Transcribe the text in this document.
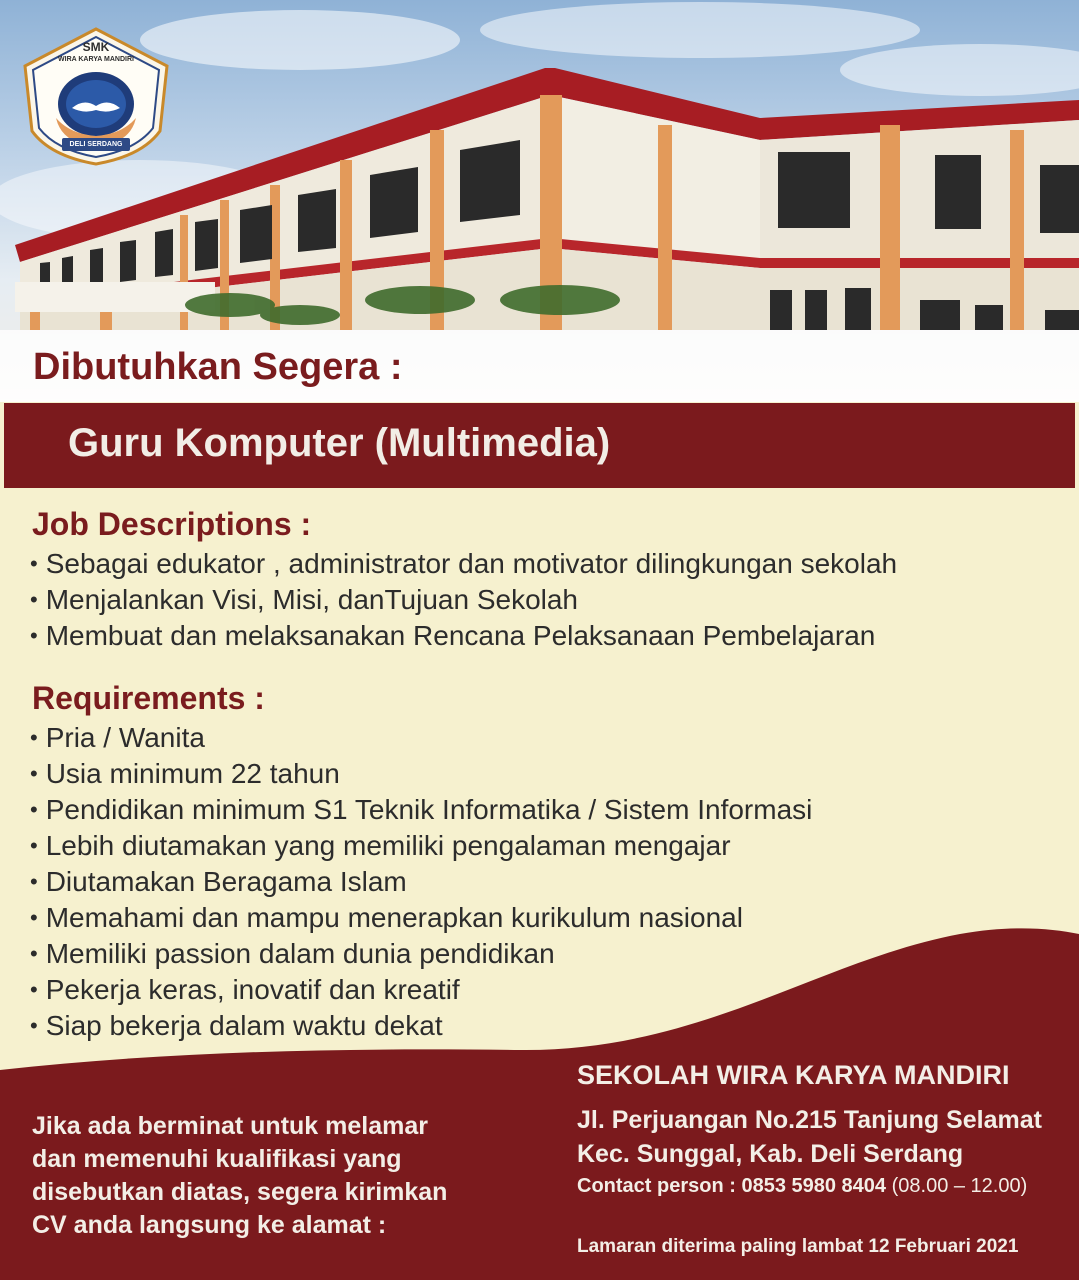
SMK
WIRA KARYA MANDIRI
DELI SERDANG
Dibutuhkan Segera :
Guru Komputer (Multimedia)
Job Descriptions :
• Sebagai edukator , administrator dan motivator dilingkungan sekolah
• Menjalankan Visi, Misi, danTujuan Sekolah
• Membuat dan melaksanakan Rencana Pelaksanaan Pembelajaran
Requirements :
• Pria / Wanita
• Usia minimum 22 tahun
• Pendidikan minimum S1 Teknik Informatika / Sistem Informasi
• Lebih diutamakan yang memiliki pengalaman mengajar
• Diutamakan Beragama Islam
• Memahami dan mampu menerapkan kurikulum nasional
• Memiliki passion dalam dunia pendidikan
• Pekerja keras, inovatif dan kreatif
• Siap bekerja dalam waktu dekat
Jika ada berminat untuk melamar dan memenuhi kualifikasi yang disebutkan diatas, segera kirimkan CV anda langsung ke alamat :
SEKOLAH WIRA KARYA MANDIRI
Jl. Perjuangan No.215 Tanjung Selamat
Kec. Sunggal, Kab. Deli Serdang
Contact person : 0853 5980 8404 (08.00 – 12.00)
Lamaran diterima paling lambat 12 Februari 2021
